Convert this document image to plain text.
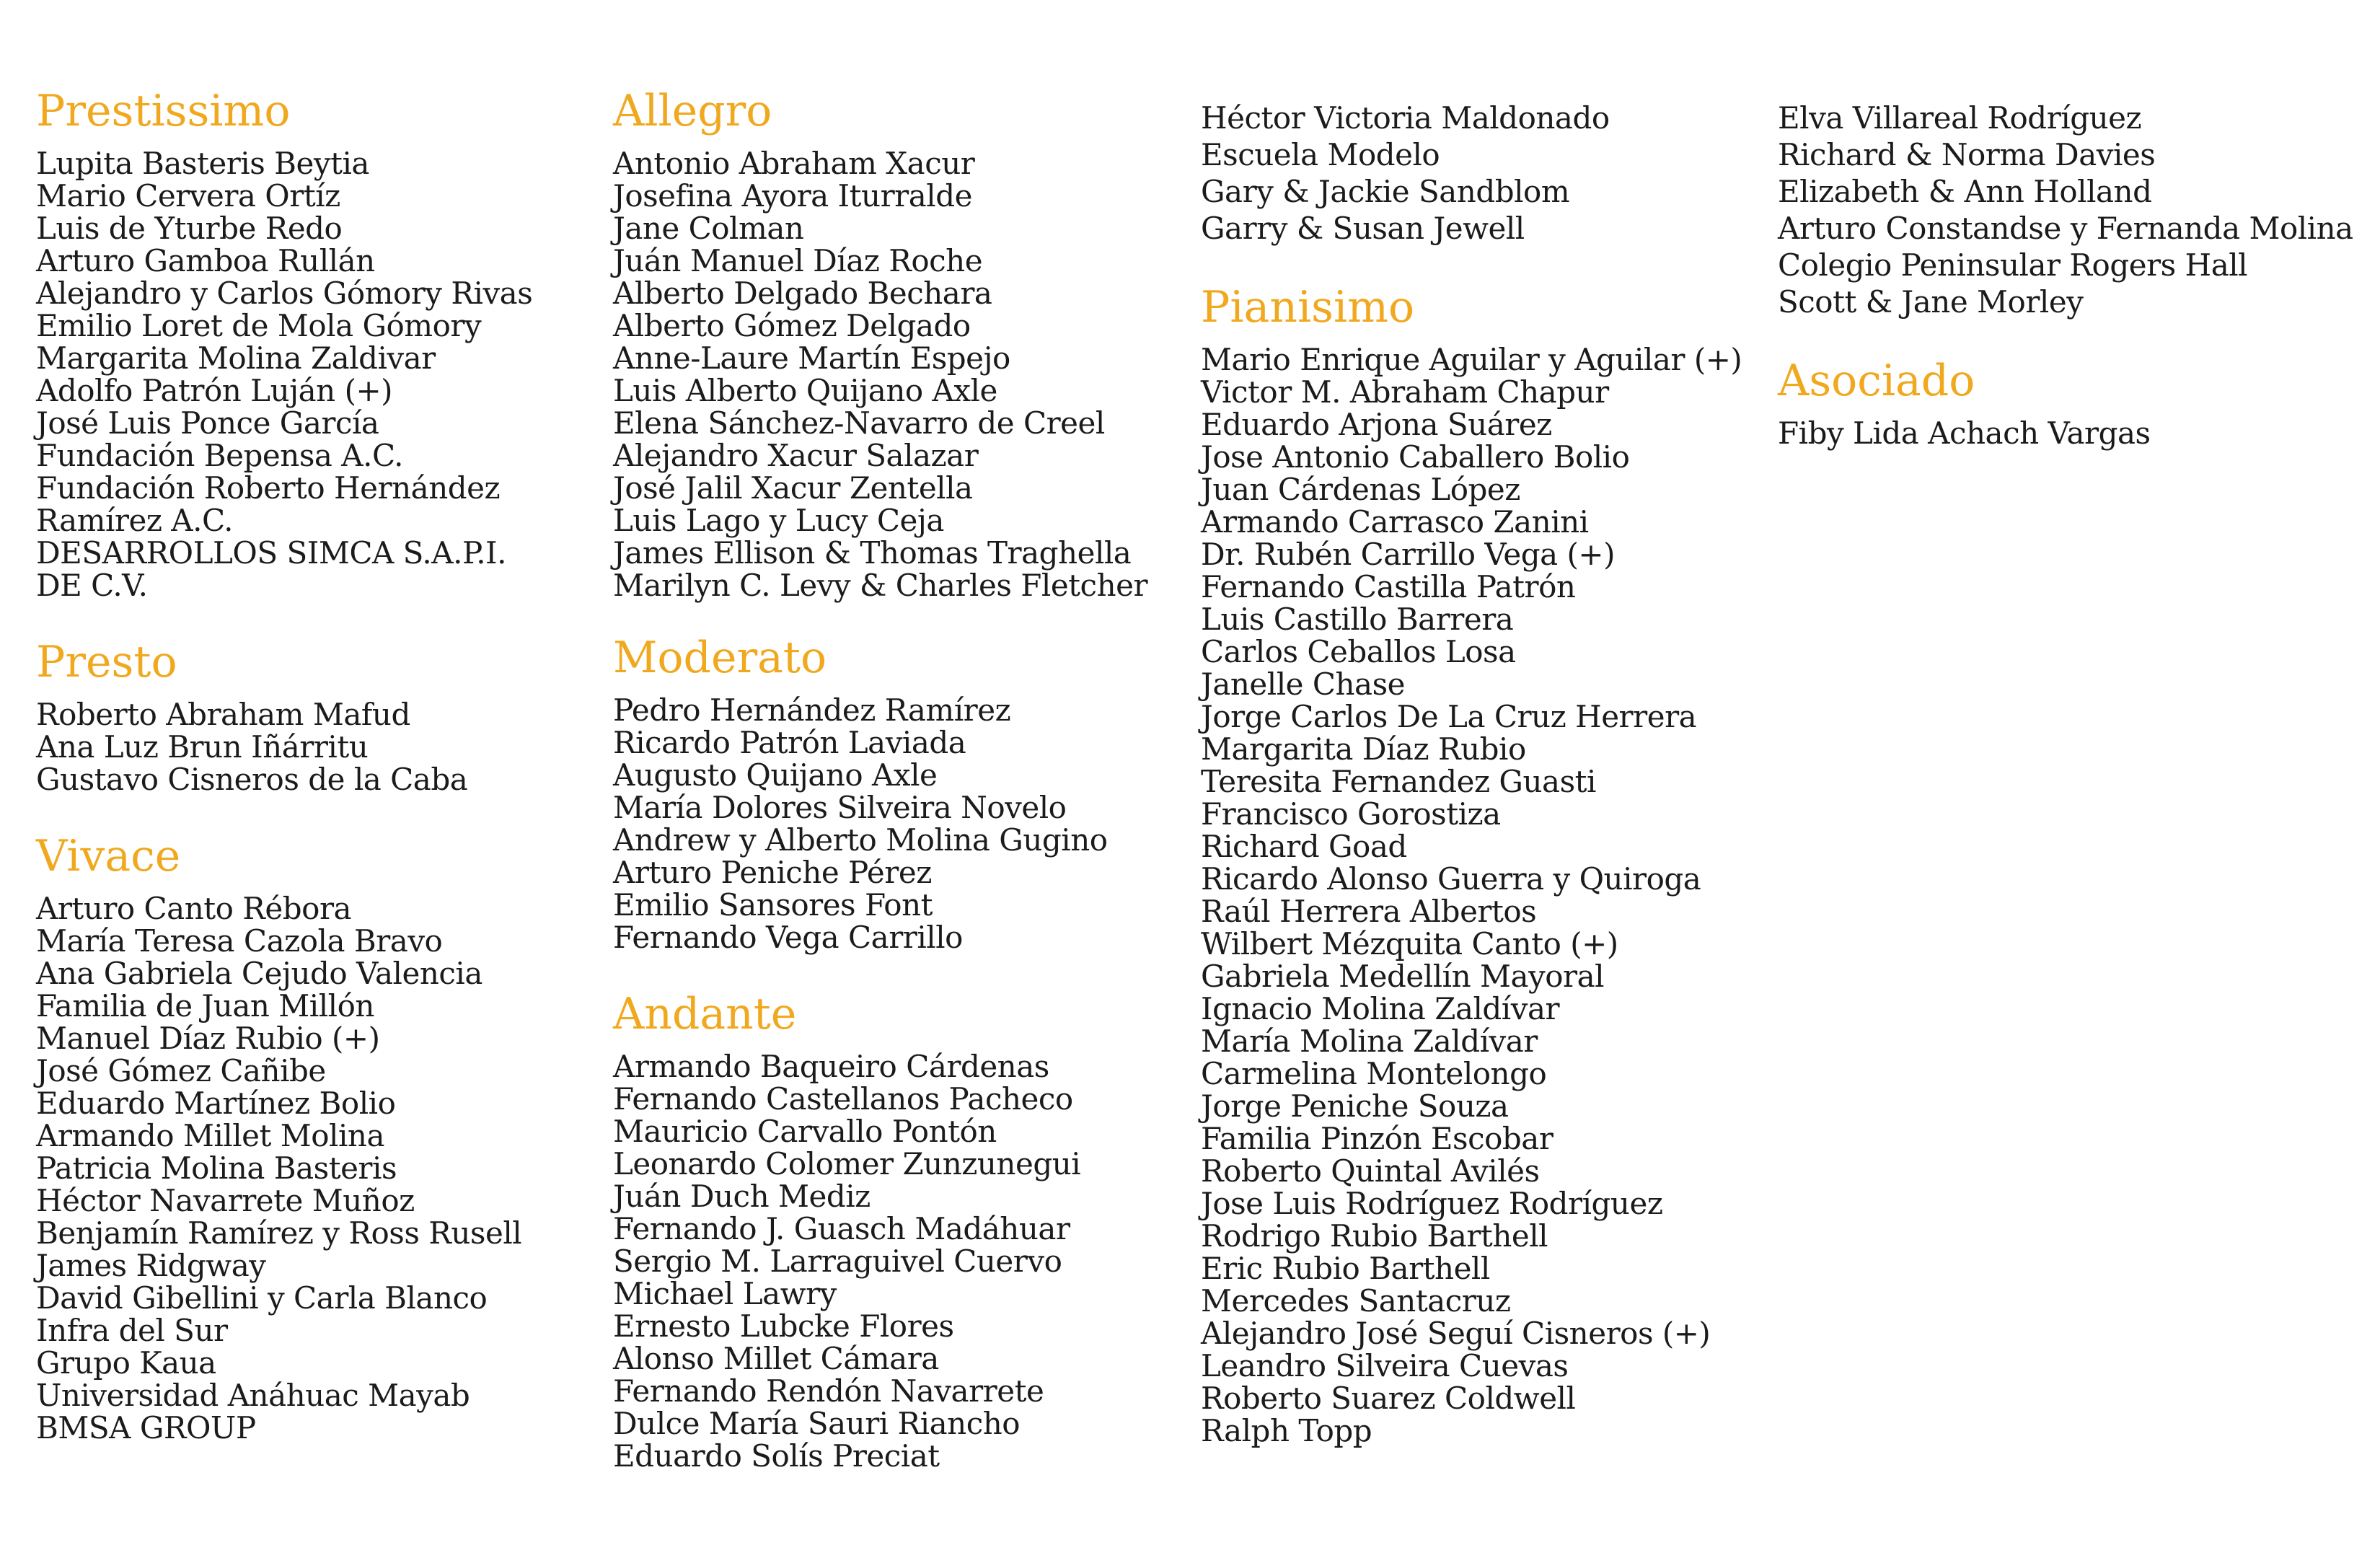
Prestissimo
Lupita Basteris Beytia
Mario Cervera Ortíz
Luis de Yturbe Redo
Arturo Gamboa Rullán
Alejandro y Carlos Gómory Rivas
Emilio Loret de Mola Gómory
Margarita Molina Zaldivar
Adolfo Patrón Luján (+)
José Luis Ponce García
Fundación Bepensa A.C.
Fundación Roberto Hernández
Ramírez A.C.
DESARROLLOS SIMCA S.A.P.I.
DE C.V.
Presto
Roberto Abraham Mafud
Ana Luz Brun Iñárritu
Gustavo Cisneros de la Caba
Vivace
Arturo Canto Rébora
María Teresa Cazola Bravo
Ana Gabriela Cejudo Valencia
Familia de Juan Millón
Manuel Díaz Rubio (+)
José Gómez Cañibe
Eduardo Martínez Bolio
Armando Millet Molina
Patricia Molina Basteris
Héctor Navarrete Muñoz
Benjamín Ramírez y Ross Rusell
James Ridgway
David Gibellini y Carla Blanco
Infra del Sur
Grupo Kaua
Universidad Anáhuac Mayab
BMSA GROUP
Allegro
Antonio Abraham Xacur
Josefina Ayora Iturralde
Jane Colman
Juán Manuel Díaz Roche
Alberto Delgado Bechara
Alberto Gómez Delgado
Anne-Laure Martín Espejo
Luis Alberto Quijano Axle
Elena Sánchez-Navarro de Creel
Alejandro Xacur Salazar
José Jalil Xacur Zentella
Luis Lago y Lucy Ceja
James Ellison & Thomas Traghella
Marilyn C. Levy & Charles Fletcher
Moderato
Pedro Hernández Ramírez
Ricardo Patrón Laviada
Augusto Quijano Axle
María Dolores Silveira Novelo
Andrew y Alberto Molina Gugino
Arturo Peniche Pérez
Emilio Sansores Font
Fernando Vega Carrillo
Andante
Armando Baqueiro Cárdenas
Fernando Castellanos Pacheco
Mauricio Carvallo Pontón
Leonardo Colomer Zunzunegui
Juán Duch Mediz
Fernando J. Guasch Madáhuar
Sergio M. Larraguivel Cuervo
Michael Lawry
Ernesto Lubcke Flores
Alonso Millet Cámara
Fernando Rendón Navarrete
Dulce María Sauri Riancho
Eduardo Solís Preciat
Héctor Victoria Maldonado
Escuela Modelo
Gary & Jackie Sandblom
Garry & Susan Jewell
Pianisimo
Mario Enrique Aguilar y Aguilar (+)
Victor M. Abraham Chapur
Eduardo Arjona Suárez
Jose Antonio Caballero Bolio
Juan Cárdenas López
Armando Carrasco Zanini
Dr. Rubén Carrillo Vega (+)
Fernando Castilla Patrón
Luis Castillo Barrera
Carlos Ceballos Losa
Janelle Chase
Jorge Carlos De La Cruz Herrera
Margarita Díaz Rubio
Teresita Fernandez Guasti
Francisco Gorostiza
Richard Goad
Ricardo Alonso Guerra y Quiroga
Raúl Herrera Albertos
Wilbert Mézquita Canto (+)
Gabriela Medellín Mayoral
Ignacio Molina Zaldívar
María Molina Zaldívar
Carmelina Montelongo
Jorge Peniche Souza
Familia Pinzón Escobar
Roberto Quintal Avilés
Jose Luis Rodríguez Rodríguez
Rodrigo Rubio Barthell
Eric Rubio Barthell
Mercedes Santacruz
Alejandro José Seguí Cisneros (+)
Leandro Silveira Cuevas
Roberto Suarez Coldwell
Ralph Topp
Elva Villareal Rodríguez
Richard & Norma Davies
Elizabeth & Ann Holland
Arturo Constandse y Fernanda Molina
Colegio Peninsular Rogers Hall
Scott & Jane Morley
Asociado
Fiby Lida Achach Vargas
